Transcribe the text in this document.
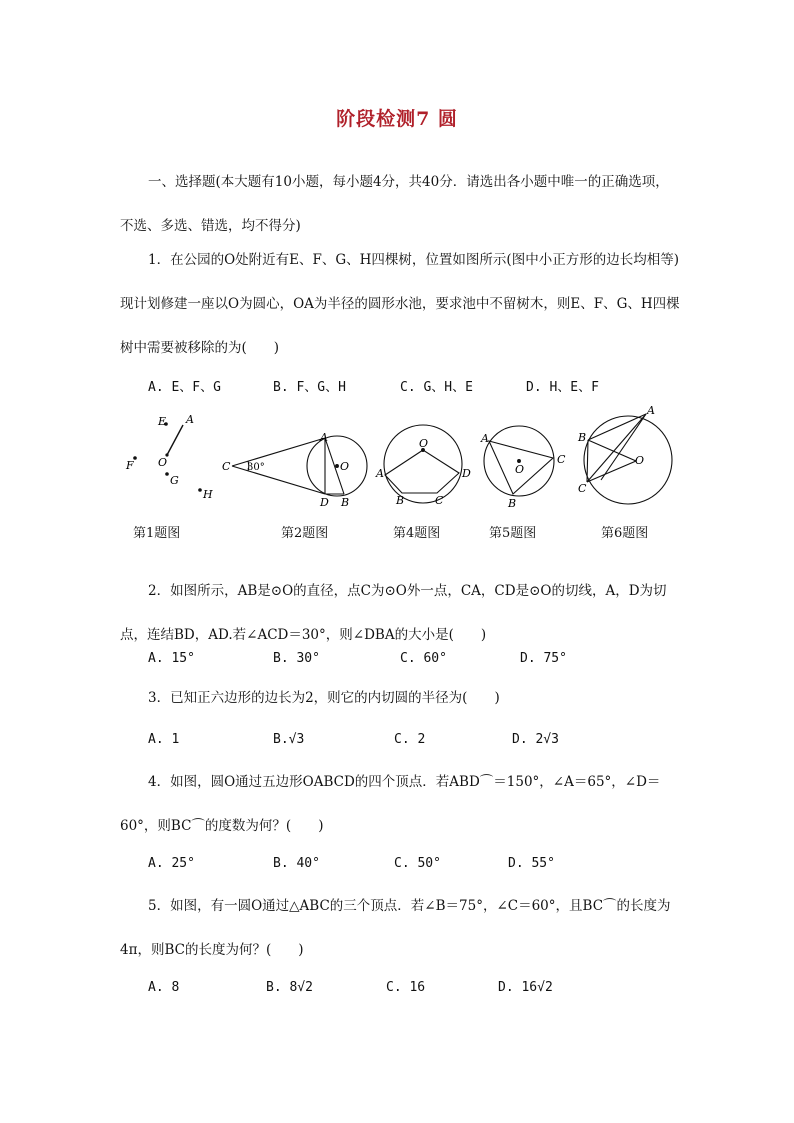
阶段检测7 圆

一、选择题(本大题有10小题，每小题4分，共40分．请选出各小题中唯一的正确选项，不选、多选、错选，均不得分)

1．在公园的O处附近有E、F、G、H四棵树，位置如图所示(图中小正方形的边长均相等)现计划修建一座以O为圆心，OA为半径的圆形水池，要求池中不留树木，则E、F、G、H四棵树中需要被移除的为(　　)

A. E、F、G	B. F、G、H	C. G、H、E	D. H、E、F
E A
F O
G
H
A
C 30°	O
D B
O
A	D
B	C
A
O
C
B
A
B
O
C
第1题图	第2题图	第4题图	第5题图	第6题图

2．如图所示，AB是⊙O的直径，点C为⊙O外一点，CA，CD是⊙O的切线，A，D为切点，连结BD，AD.若∠ACD＝30°，则∠DBA的大小是(　　)

A. 15°	B. 30°	C. 60°	D. 75°

3．已知正六边形的边长为2，则它的内切圆的半径为(　　)

A. 1	B.√3	C. 2	D. 2√3

4．如图，圆O通过五边形OABCD的四个顶点．若ABD⌒＝150°，∠A＝65°，∠D＝60°，则BC⌒的度数为何？(　　)

A. 25°	B. 40°	C. 50°	D. 55°

5．如图，有一圆O通过△ABC的三个顶点．若∠B＝75°，∠C＝60°，且BC⌒的长度为4π，则BC的长度为何？(　　)

A. 8	B. 8√2	C. 16	D. 16√2
